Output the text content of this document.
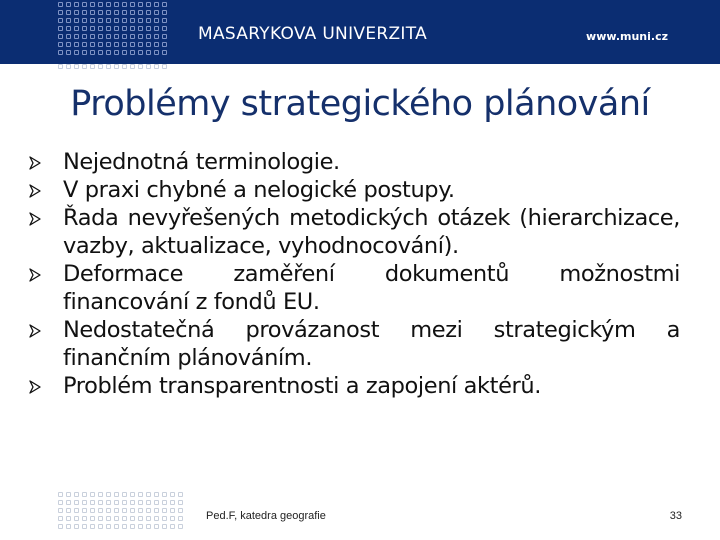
MASARYKOVA UNIVERZITA	www.muni.cz
Problémy strategického plánování
Nejednotná terminologie.
V praxi chybné a nelogické postupy.
Řada nevyřešených metodických otázek (hierarchizace, vazby, aktualizace, vyhodnocování).
Deformace zaměření dokumentů možnostmi financování z fondů EU.
Nedostatečná provázanost mezi strategickým a finančním plánováním.
Problém transparentnosti a zapojení aktérů.
Ped.F, katedra geografie	33
